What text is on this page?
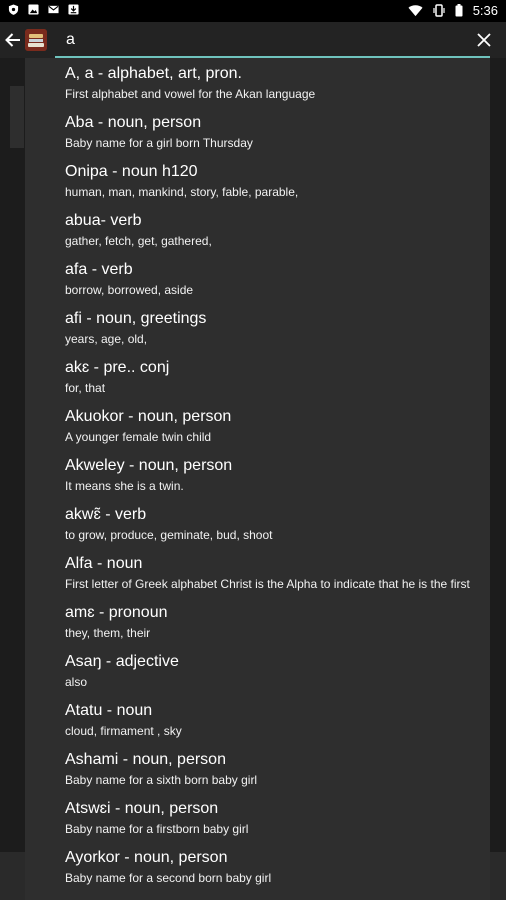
5:36
a
A, a - alphabet, art, pron.
First alphabet and vowel for the Akan language
Aba - noun, person
Baby name for a girl born Thursday
Onipa - noun h120
human, man, mankind, story, fable, parable,
abua- verb
gather, fetch, get, gathered,
afa - verb
borrow, borrowed, aside
afi - noun, greetings
years, age, old,
akɛ - pre.. conj
for, that
Akuokor - noun, person
A younger female twin child
Akweley - noun, person
It means she is a twin.
akwɛ̃ - verb
to grow, produce, geminate, bud, shoot
Alfa - noun
First letter of Greek alphabet Christ is the Alpha to indicate that he is the first
amɛ - pronoun
they, them, their
Asaŋ - adjective
also
Atatu - noun
cloud, firmament , sky
Ashami - noun, person
Baby name for a sixth born baby girl
Atswɛi - noun, person
Baby name for a firstborn baby girl
Ayorkor - noun, person
Baby name for a second born baby girl
